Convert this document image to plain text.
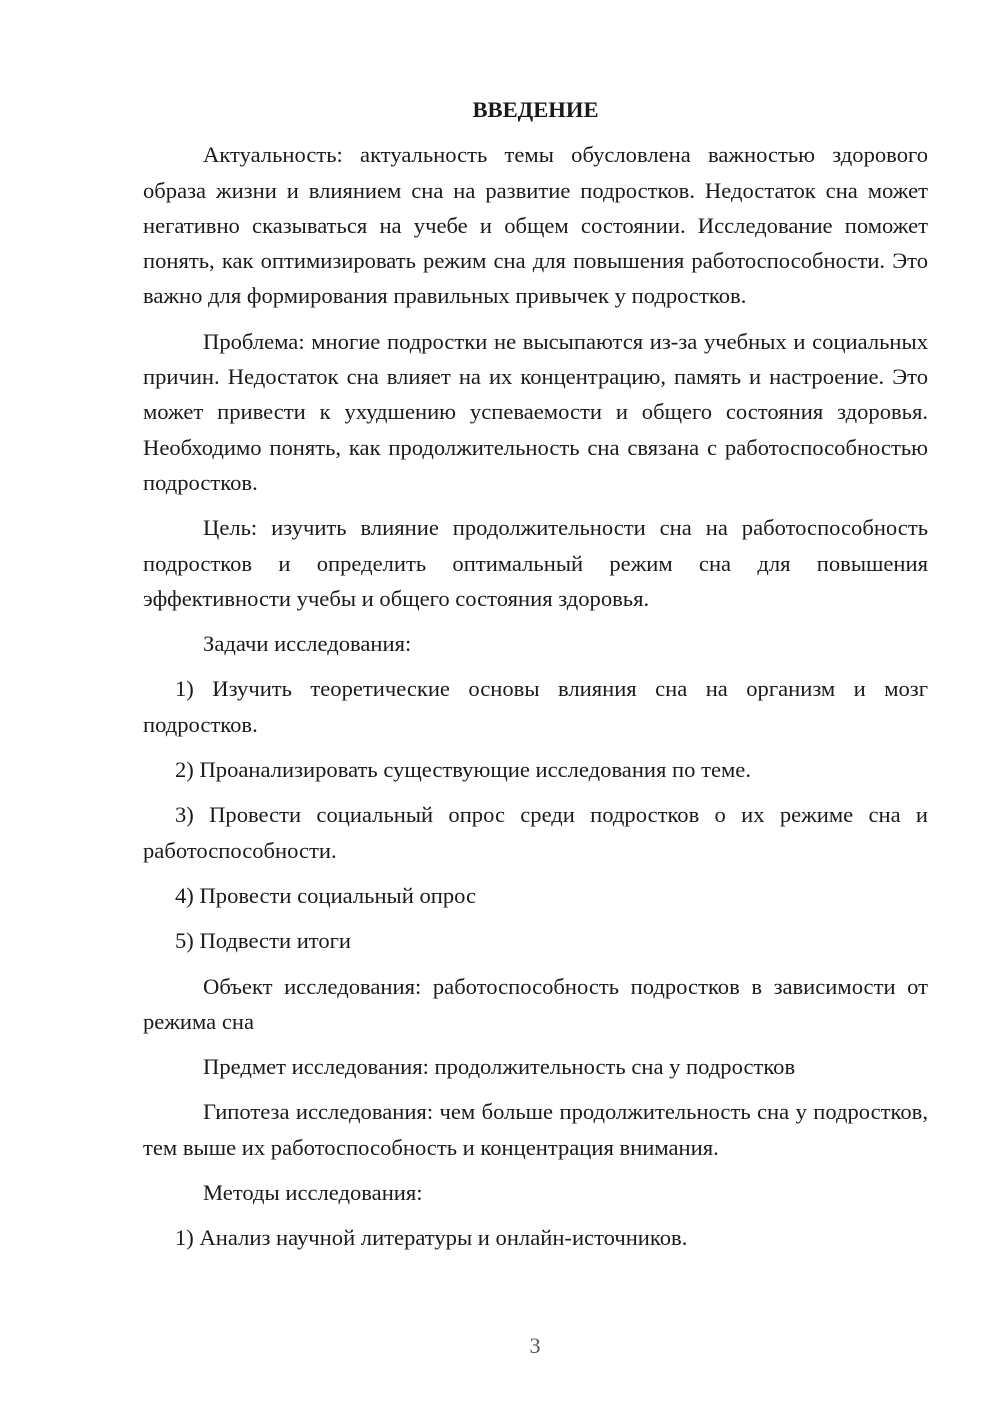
ВВЕДЕНИЕ

Актуальность: актуальность темы обусловлена важностью здорового образа жизни и влиянием сна на развитие подростков. Недостаток сна может негативно сказываться на учебе и общем состоянии. Исследование поможет понять, как оптимизировать режим сна для повышения работоспособности. Это важно для формирования правильных привычек у подростков.

Проблема: многие подростки не высыпаются из-за учебных и социальных причин. Недостаток сна влияет на их концентрацию, память и настроение. Это может привести к ухудшению успеваемости и общего состояния здоровья. Необходимо понять, как продолжительность сна связана с работоспособностью подростков.

Цель: изучить влияние продолжительности сна на работоспособность подростков и определить оптимальный режим сна для повышения эффективности учебы и общего состояния здоровья.

Задачи исследования:

1) Изучить теоретические основы влияния сна на организм и мозг подростков.

2) Проанализировать существующие исследования по теме.

3) Провести социальный опрос среди подростков о их режиме сна и работоспособности.

4) Провести социальный опрос

5) Подвести итоги

Объект исследования: работоспособность подростков в зависимости от режима сна

Предмет исследования: продолжительность сна у подростков

Гипотеза исследования: чем больше продолжительность сна у подростков, тем выше их работоспособность и концентрация внимания.

Методы исследования:

1) Анализ научной литературы и онлайн-источников.

3
